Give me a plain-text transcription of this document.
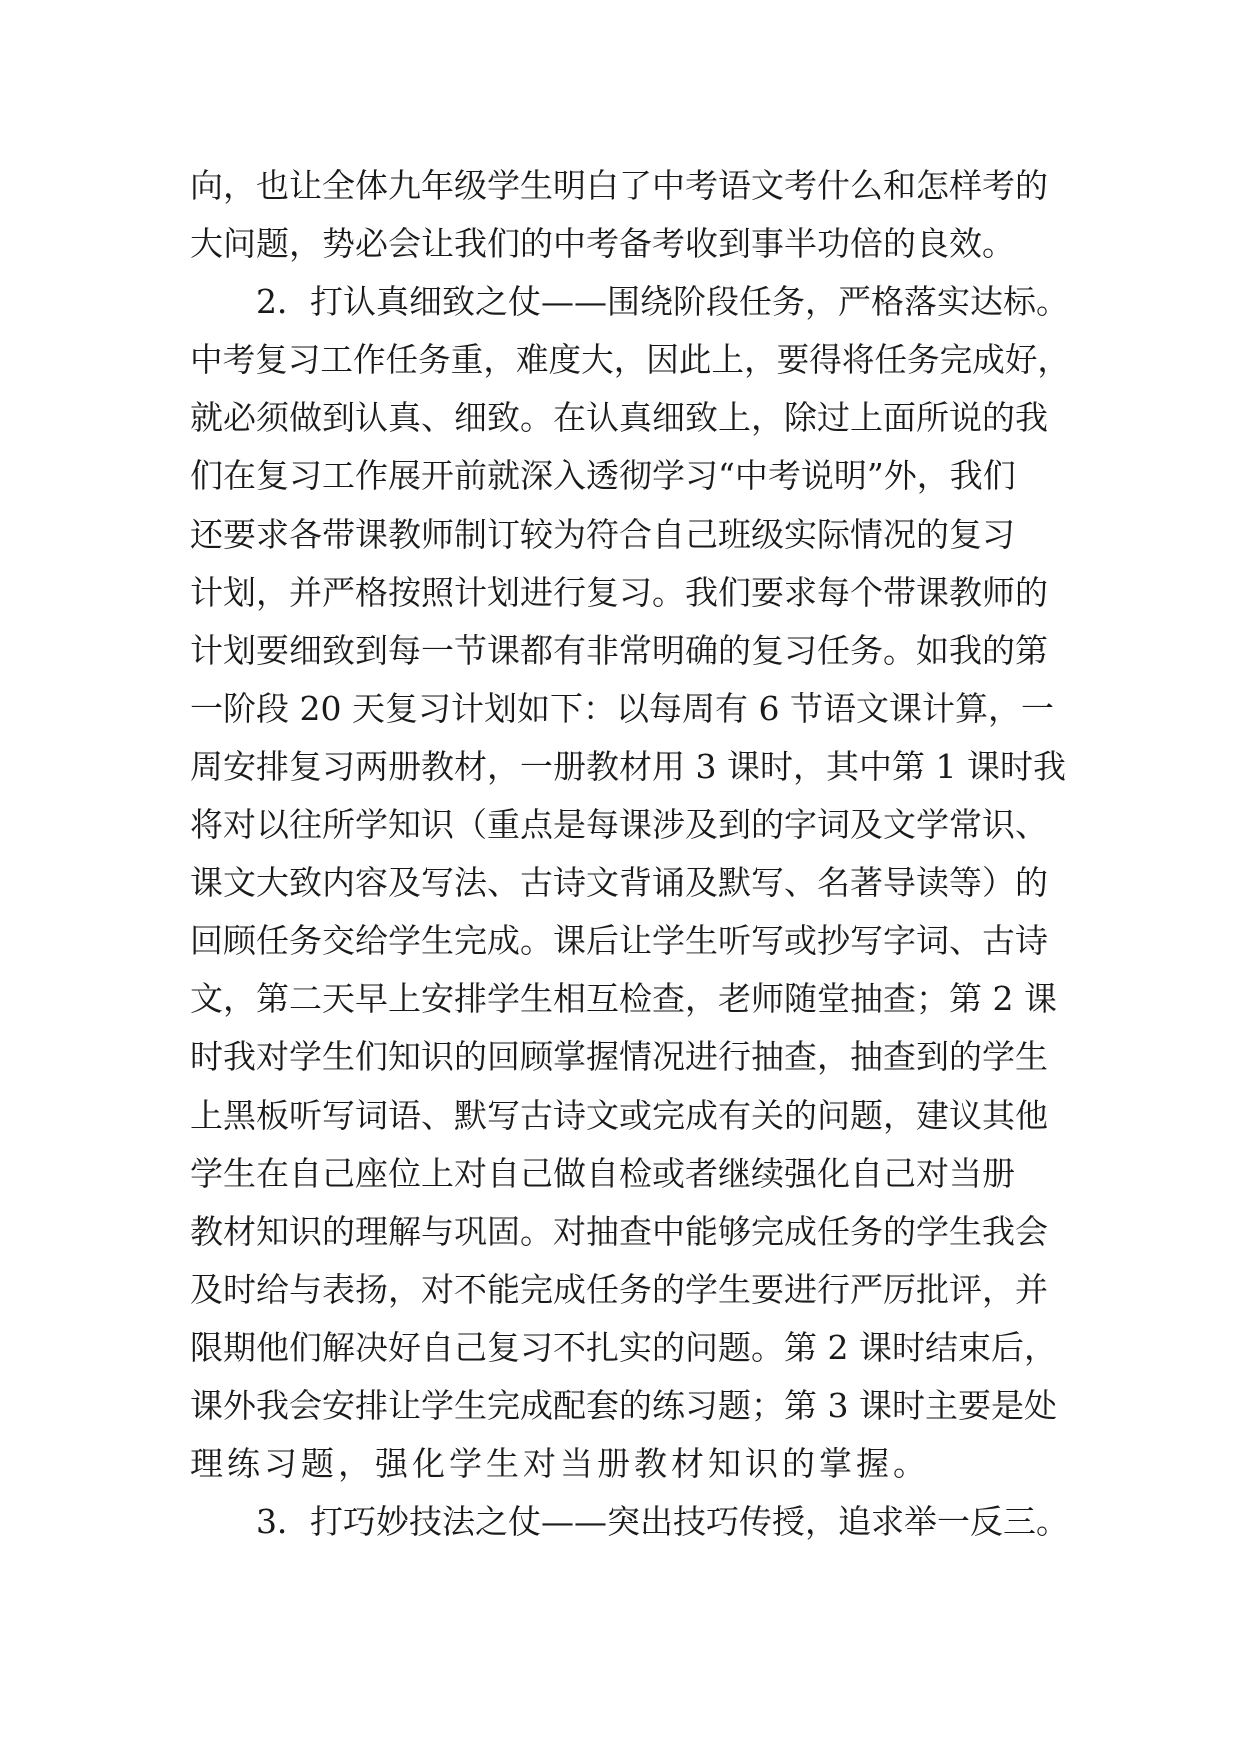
向，也让全体九年级学生明白了中考语文考什么和怎样考的
大问题，势必会让我们的中考备考收到事半功倍的良效。
　　2．打认真细致之仗——围绕阶段任务，严格落实达标。
中考复习工作任务重，难度大，因此上，要得将任务完成好，
就必须做到认真、细致。在认真细致上，除过上面所说的我
们在复习工作展开前就深入透彻学习“中考说明”外，我们
还要求各带课教师制订较为符合自己班级实际情况的复习
计划，并严格按照计划进行复习。我们要求每个带课教师的
计划要细致到每一节课都有非常明确的复习任务。如我的第
一阶段 20 天复习计划如下：以每周有 6 节语文课计算，一
周安排复习两册教材，一册教材用 3 课时，其中第 1 课时我
将对以往所学知识（重点是每课涉及到的字词及文学常识、
课文大致内容及写法、古诗文背诵及默写、名著导读等）的
回顾任务交给学生完成。课后让学生听写或抄写字词、古诗
文，第二天早上安排学生相互检查，老师随堂抽查；第 2 课
时我对学生们知识的回顾掌握情况进行抽查，抽查到的学生
上黑板听写词语、默写古诗文或完成有关的问题，建议其他
学生在自己座位上对自己做自检或者继续强化自己对当册
教材知识的理解与巩固。对抽查中能够完成任务的学生我会
及时给与表扬，对不能完成任务的学生要进行严厉批评，并
限期他们解决好自己复习不扎实的问题。第 2 课时结束后，
课外我会安排让学生完成配套的练习题；第 3 课时主要是处
理练习题，强化学生对当册教材知识的掌握。
　　3．打巧妙技法之仗——突出技巧传授，追求举一反三。
